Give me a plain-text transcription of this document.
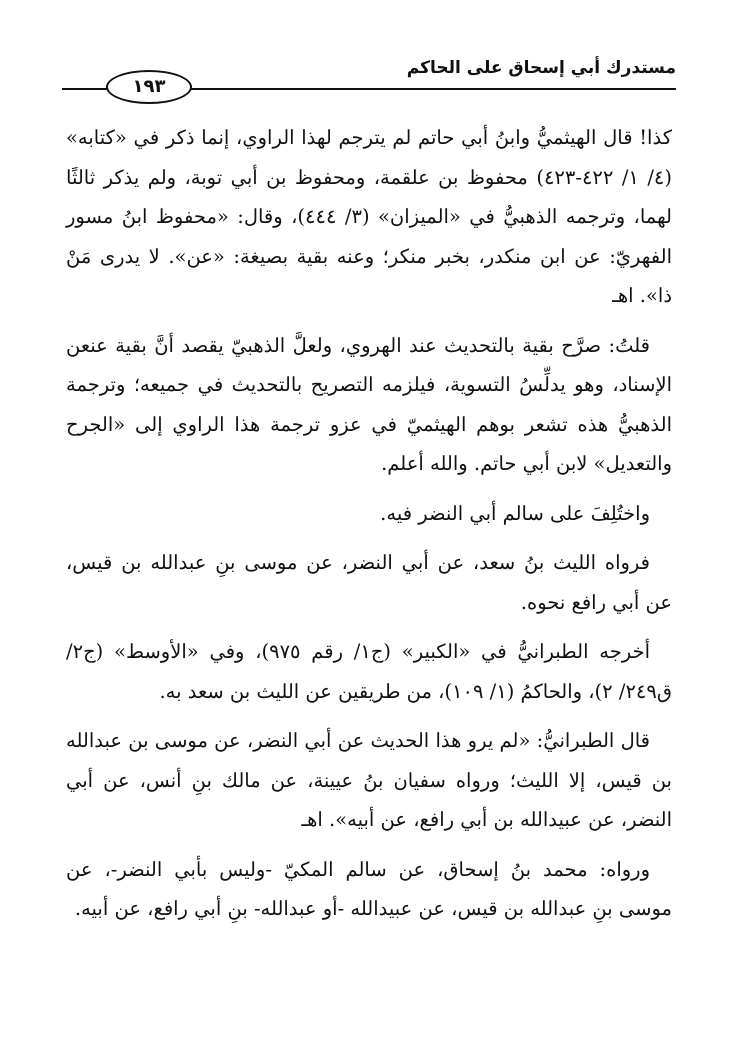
مستدرك أبي إسحاق على الحاكم
١٩٣

كذا! قال الهيثميُّ وابنُ أبي حاتم لم يترجم لهذا الراوي، إنما ذكر في «كتابه» (٤/ ١/ ٤٢٢-٤٢٣) محفوظ بن علقمة، ومحفوظ بن أبي توبة، ولم يذكر ثالثًا لهما، وترجمه الذهبيُّ في «الميزان» (٣/ ٤٤٤)، وقال: «محفوظ ابنُ مسور الفهريّ: عن ابن منكدر، بخبر منكر؛ وعنه بقية بصيغة: «عن». لا يدرى مَنْ ذا». اهـ

قلتُ: صرَّح بقية بالتحديث عند الهروي، ولعلَّ الذهبيّ يقصد أنَّ بقية عنعن الإسناد، وهو يدلِّسُ التسوية، فيلزمه التصريح بالتحديث في جميعه؛ وترجمة الذهبيُّ هذه تشعر بوهم الهيثميّ في عزو ترجمة هذا الراوي إلى «الجرح والتعديل» لابن أبي حاتم. والله أعلم.

واختُلِفَ على سالم أبي النضر فيه.

فرواه الليث بنُ سعد، عن أبي النضر، عن موسى بنِ عبدالله بن قيس، عن أبي رافع نحوه.

أخرجه الطبرانيُّ في «الكبير» (ج١/ رقم ٩٧٥)، وفي «الأوسط» (ج٢/ ق٢٤٩/ ٢)، والحاكمُ (١/ ١٠٩)، من طريقين عن الليث بن سعد به.

قال الطبرانيُّ: «لم يرو هذا الحديث عن أبي النضر، عن موسى بن عبدالله بن قيس، إلا الليث؛ ورواه سفيان بنُ عيينة، عن مالك بنِ أنس، عن أبي النضر، عن عبيدالله بن أبي رافع، عن أبيه». اهـ

ورواه: محمد بنُ إسحاق، عن سالم المكيّ -وليس بأبي النضر-، عن موسى بنِ عبدالله بن قيس، عن عبيدالله -أو عبدالله- بنِ أبي رافع، عن أبيه.
